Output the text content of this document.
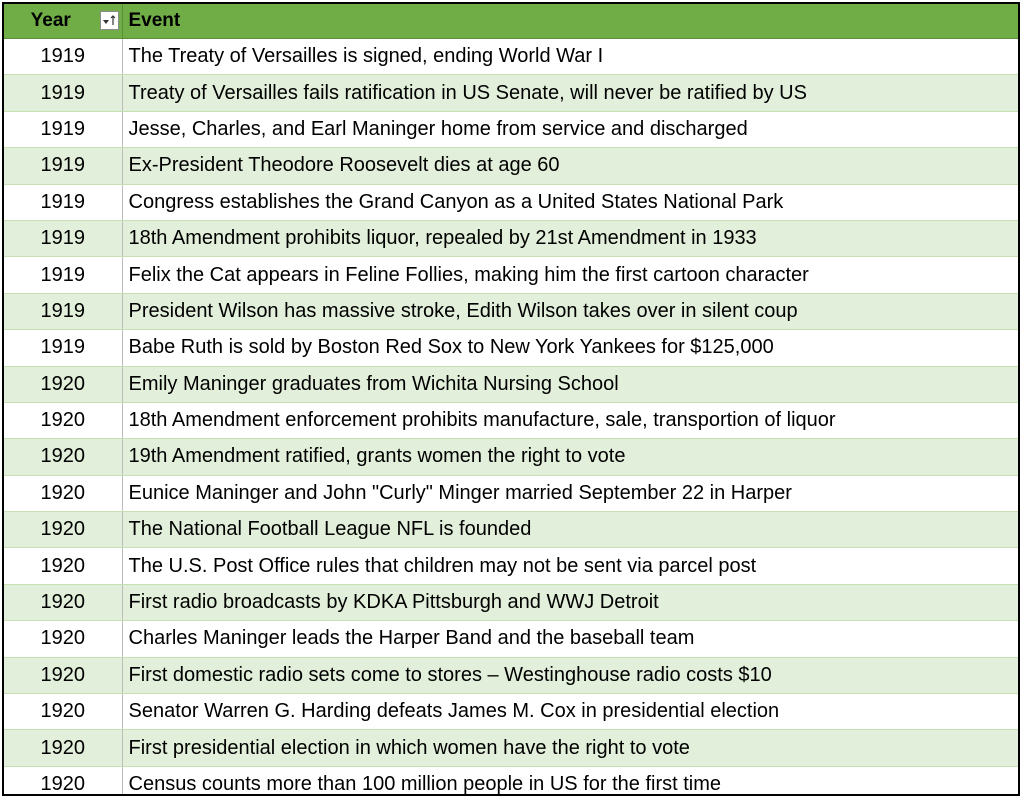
Year	Event
1919	The Treaty of Versailles is signed, ending World War I
1919	Treaty of Versailles fails ratification in US Senate, will never be ratified by US
1919	Jesse, Charles, and Earl Maninger home from service and discharged
1919	Ex-President Theodore Roosevelt dies at age 60
1919	Congress establishes the Grand Canyon as a United States National Park
1919	18th Amendment prohibits liquor, repealed by 21st Amendment in 1933
1919	Felix the Cat appears in Feline Follies, making him the first cartoon character
1919	President Wilson has massive stroke, Edith Wilson takes over in silent coup
1919	Babe Ruth is sold by Boston Red Sox to New York Yankees for $125,000
1920	Emily Maninger graduates from Wichita Nursing School
1920	18th Amendment enforcement prohibits manufacture, sale, transportion of liquor
1920	19th Amendment ratified, grants women the right to vote
1920	Eunice Maninger and John "Curly" Minger married September 22 in Harper
1920	The National Football League NFL is founded
1920	The U.S. Post Office rules that children may not be sent via parcel post
1920	First radio broadcasts by KDKA Pittsburgh and WWJ Detroit
1920	Charles Maninger leads the Harper Band and the baseball team
1920	First domestic radio sets come to stores – Westinghouse radio costs $10
1920	Senator Warren G. Harding defeats James M. Cox in presidential election
1920	First presidential election in which women have the right to vote
1920	Census counts more than 100 million people in US for the first time
